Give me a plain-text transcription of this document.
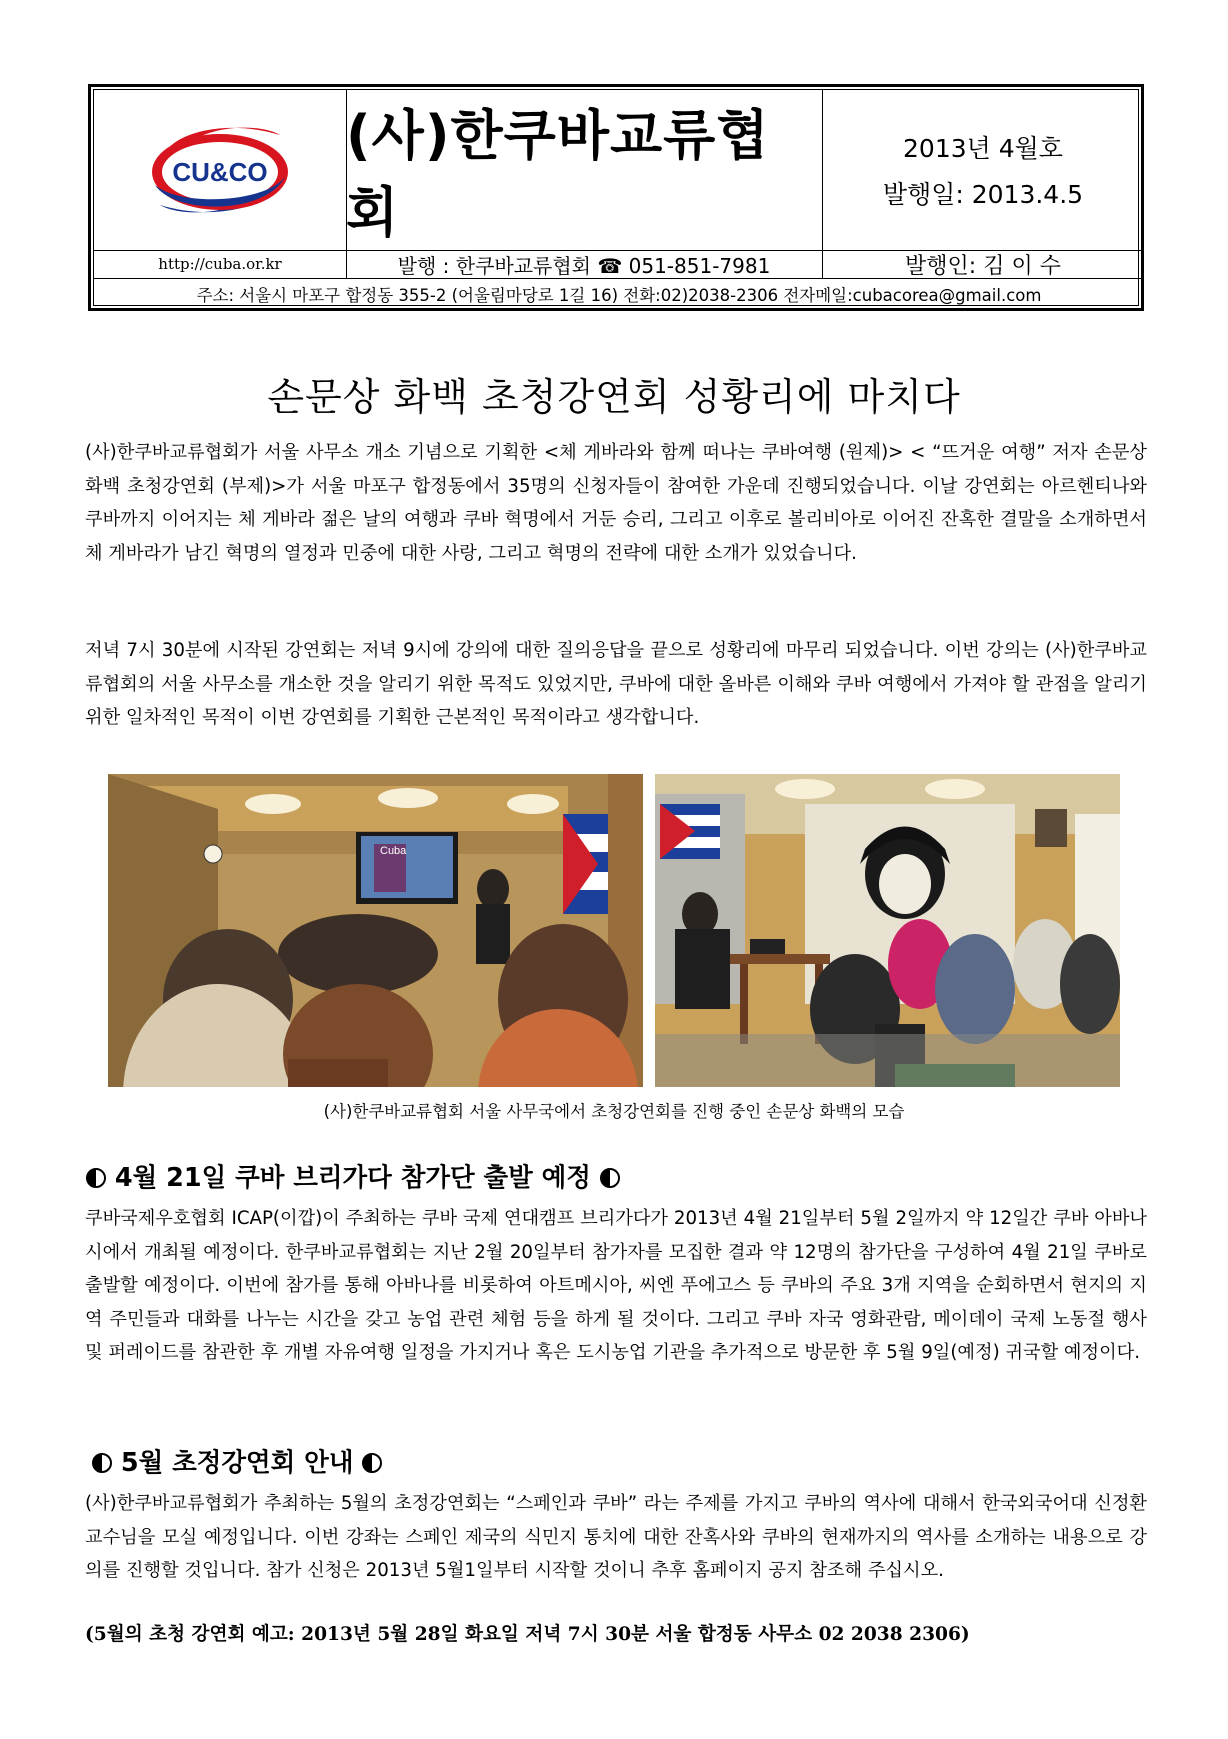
CU&CO
(사)한쿠바교류협회
2013년 4월호
발행일: 2013.4.5
http://cuba.or.kr	발행 : 한쿠바교류협회 ☎ 051-851-7981	발행인: 김 이 수
주소: 서울시 마포구 합정동 355-2 (어울림마당로 1길 16) 전화:02)2038-2306 전자메일:cubacorea@gmail.com
손문상 화백 초청강연회 성황리에 마치다
(사)한쿠바교류협회가 서울 사무소 개소 기념으로 기획한 <체 게바라와 함께 떠나는 쿠바여행 (원제)> < “뜨거운 여행” 저자 손문상 화백 초청강연회 (부제)>가 서울 마포구 합정동에서 35명의 신청자들이 참여한 가운데 진행되었습니다. 이날 강연회는 아르헨티나와 쿠바까지 이어지는 체 게바라 젊은 날의 여행과 쿠바 혁명에서 거둔 승리, 그리고 이후로 볼리비아로 이어진 잔혹한 결말을 소개하면서 체 게바라가 남긴 혁명의 열정과 민중에 대한 사랑, 그리고 혁명의 전략에 대한 소개가 있었습니다.
저녁 7시 30분에 시작된 강연회는 저녁 9시에 강의에 대한 질의응답을 끝으로 성황리에 마무리 되었습니다. 이번 강의는 (사)한쿠바교류협회의 서울 사무소를 개소한 것을 알리기 위한 목적도 있었지만, 쿠바에 대한 올바른 이해와 쿠바 여행에서 가져야 할 관점을 알리기 위한 일차적인 목적이 이번 강연회를 기획한 근본적인 목적이라고 생각합니다.
Cuba
(사)한쿠바교류협회 서울 사무국에서 초청강연회를 진행 중인 손문상 화백의 모습
4월 21일 쿠바 브리가다 참가단 출발 예정
쿠바국제우호협회 ICAP(이깝)이 주최하는 쿠바 국제 연대캠프 브리가다가 2013년 4월 21일부터 5월 2일까지 약 12일간 쿠바 아바나 시에서 개최될 예정이다. 한쿠바교류협회는 지난 2월 20일부터 참가자를 모집한 결과 약 12명의 참가단을 구성하여 4월 21일 쿠바로 출발할 예정이다. 이번에 참가를 통해 아바나를 비롯하여 아트메시아, 씨엔 푸에고스 등 쿠바의 주요 3개 지역을 순회하면서 현지의 지역 주민들과 대화를 나누는 시간을 갖고 농업 관련 체험 등을 하게 될 것이다. 그리고 쿠바 자국 영화관람, 메이데이 국제 노동절 행사 및 퍼레이드를 참관한 후 개별 자유여행 일정을 가지거나 혹은 도시농업 기관을 추가적으로 방문한 후 5월 9일(예정) 귀국할 예정이다.
5월 초정강연회 안내
(사)한쿠바교류협회가 추최하는 5월의 초정강연회는 “스페인과 쿠바” 라는 주제를 가지고 쿠바의 역사에 대해서 한국외국어대 신정환 교수님을 모실 예정입니다. 이번 강좌는 스페인 제국의 식민지 통치에 대한 잔혹사와 쿠바의 현재까지의 역사를 소개하는 내용으로 강의를 진행할 것입니다. 참가 신청은 2013년 5월1일부터 시작할 것이니 추후 홈페이지 공지 참조해 주십시오.
(5월의 초청 강연회 예고: 2013년 5월 28일 화요일 저녁 7시 30분 서울 합정동 사무소 02 2038 2306)
